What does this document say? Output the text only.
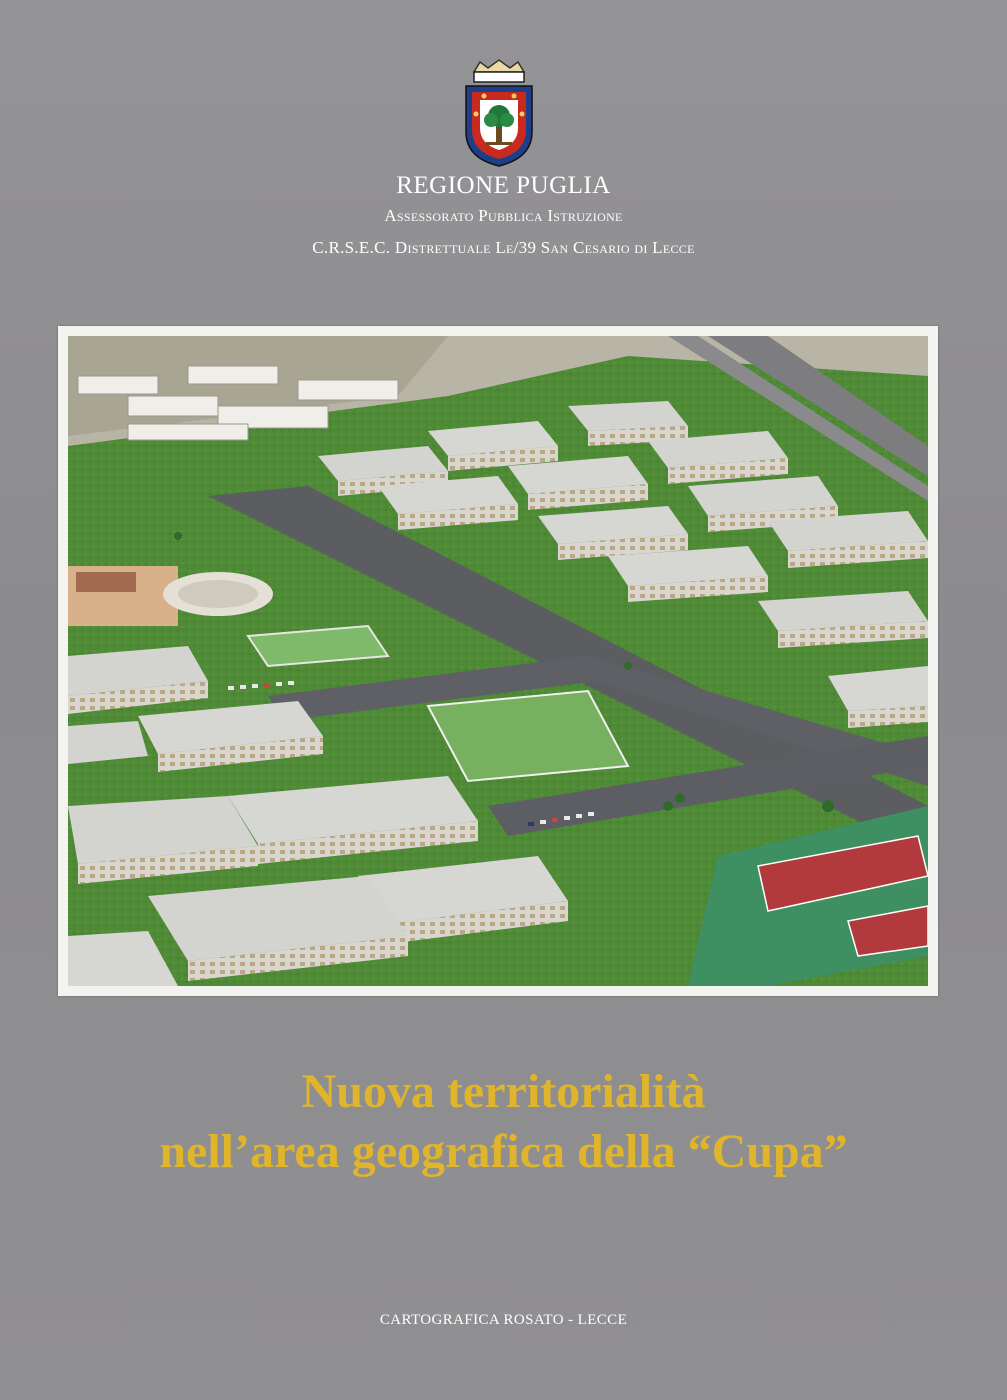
REGIONE PUGLIA
Assessorato Pubblica Istruzione
C.R.S.E.C. Distrettuale Le/39 San Cesario di Lecce
Nuova territorialità
nell’area geografica della “Cupa”
CARTOGRAFICA ROSATO - LECCE
